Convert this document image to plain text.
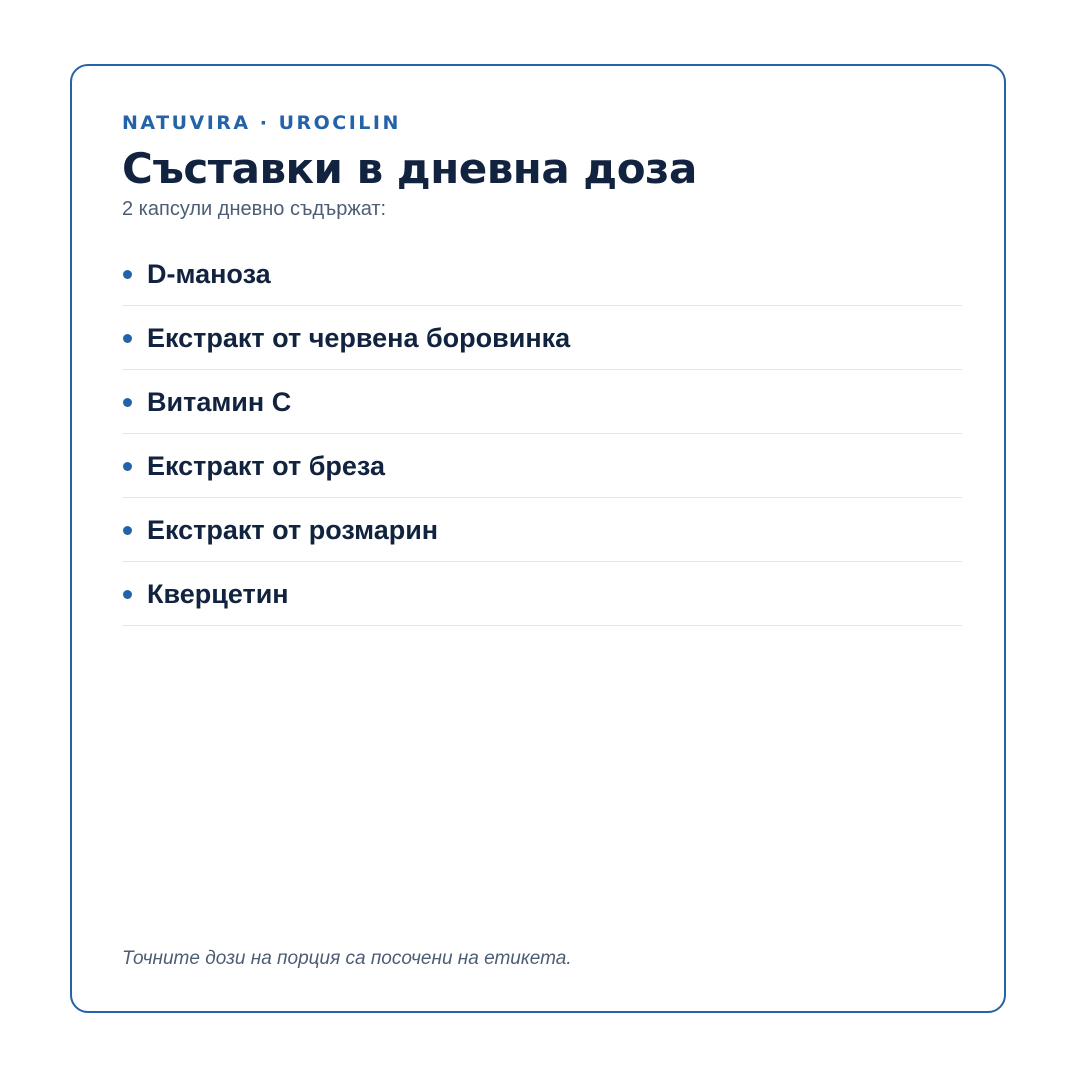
NATUVIRA · UROCILIN
Съставки в дневна доза
2 капсули дневно съдържат:
D-маноза
Екстракт от червена боровинка
Витамин C
Екстракт от бреза
Екстракт от розмарин
Кверцетин
Точните дози на порция са посочени на етикета.
